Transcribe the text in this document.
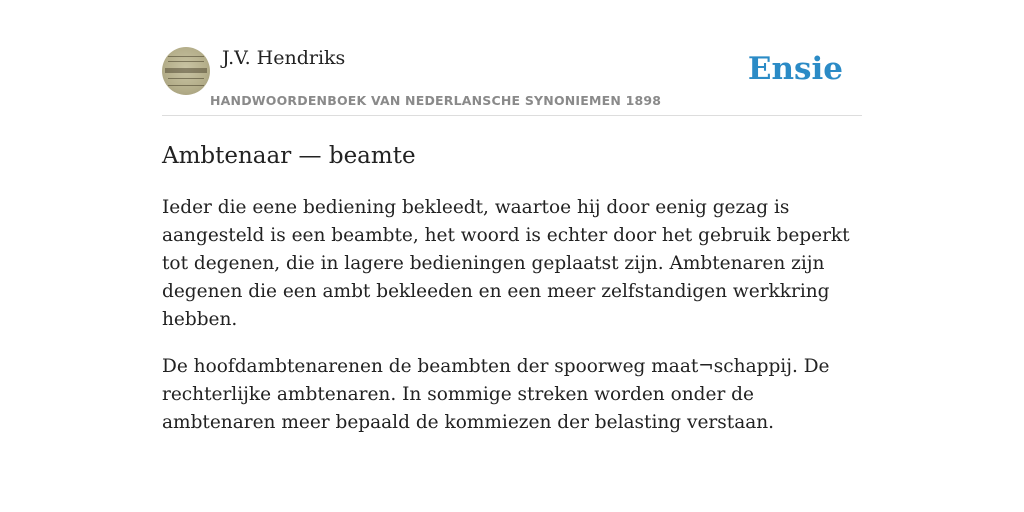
J.V. Hendriks
HANDWOORDENBOEK VAN NEDERLANSCHE SYNONIEMEN 1898
Ensie
Ambtenaar — beamte

Ieder die eene bediening bekleedt, waartoe hij door eenig gezag is aangesteld is een beambte, het woord is echter door het gebruik beperkt tot degenen, die in lagere bedieningen geplaatst zijn. Ambtenaren zijn degenen die een ambt bekleeden en een meer zelfstandigen werkkring hebben.

De hoofdambtenarenen de beambten der spoorweg maat¬schappij. De rechterlijke ambtenaren. In sommige streken worden onder de ambtenaren meer bepaald de kommiezen der belasting verstaan.
